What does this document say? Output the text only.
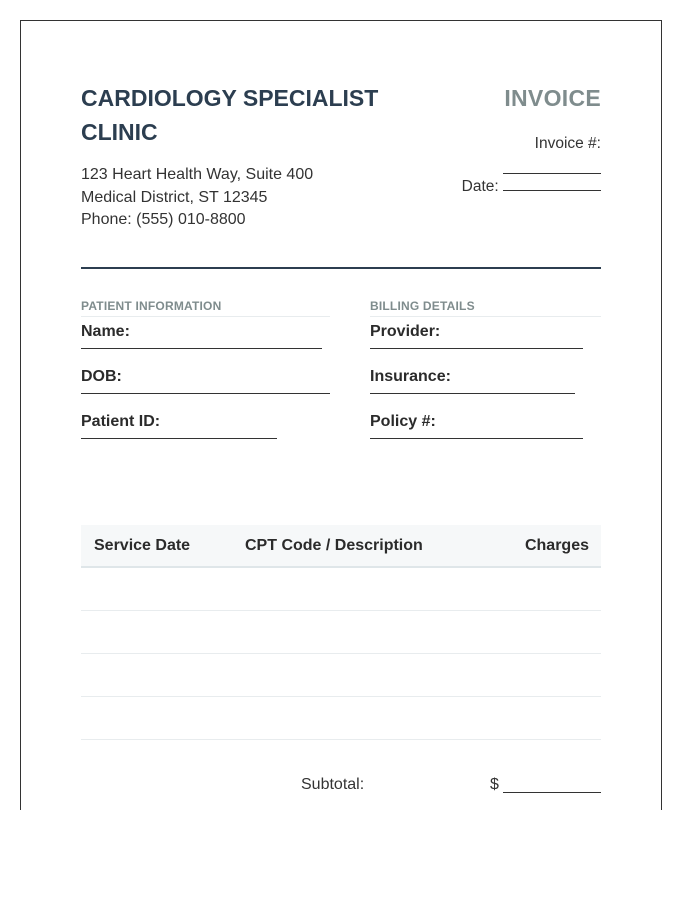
CARDIOLOGY SPECIALIST CLINIC
123 Heart Health Way, Suite 400
Medical District, ST 12345
Phone: (555) 010-8800
INVOICE
Invoice #:
Date:
PATIENT INFORMATION
Name:
DOB:
Patient ID:
BILLING DETAILS
Provider:
Insurance:
Policy #:
Service Date	CPT Code / Description	Charges
Subtotal:	$
